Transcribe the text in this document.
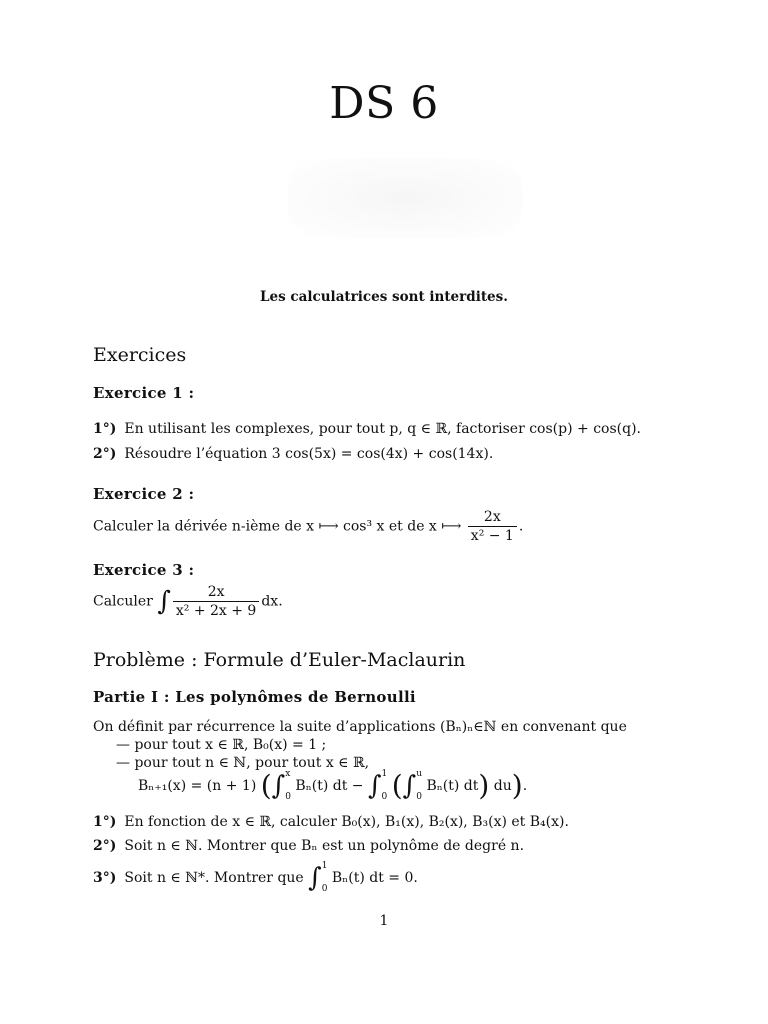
DS 6
Les calculatrices sont interdites.
Exercices
Exercice 1 :
1°) En utilisant les complexes, pour tout p, q ∈ ℝ, factoriser cos(p) + cos(q).
2°) Résoudre l’équation 3 cos(5x) = cos(4x) + cos(14x).
Exercice 2 :
Calculer la dérivée n-ième de x ⟼ cos³ x et de x ⟼ $\frac{2x}{\text{x² − 1}}$ .
Exercice 3 :
Calculer ∫ $\frac{2x}{\text{x² + 2x + 9}}$ dx.
Problème : Formule d’Euler-Maclaurin
Partie I : Les polynômes de Bernoulli
On définit par récurrence la suite d’applications (Bₙ)ₙ∈ℕ en convenant que
— pour tout x ∈ ℝ, B₀(x) = 1 ;
— pour tout n ∈ ℕ, pour tout x ∈ ℝ,
Bₙ₊₁(x) = (n + 1) (∫ x
0
Bₙ(t) dt − ∫ 1
0 (∫ u
0
Bₙ(t) dt) du).
1°) En fonction de x ∈ ℝ, calculer B₀(x), B₁(x), B₂(x), B₃(x) et B₄(x).
2°) Soit n ∈ ℕ. Montrer que Bₙ est un polynôme de degré n.
3°) Soit n ∈ ℕ*. Montrer que ∫ 1
0
Bₙ(t) dt = 0.
1
